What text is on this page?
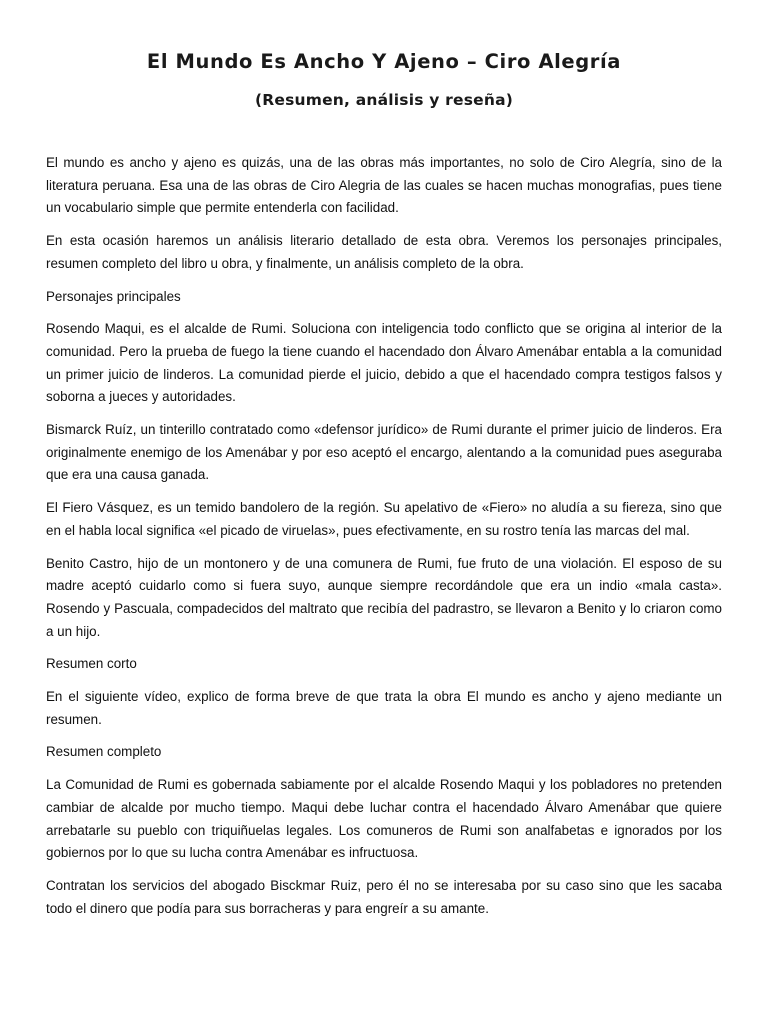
El Mundo Es Ancho Y Ajeno – Ciro Alegría
(Resumen, análisis y reseña)

El mundo es ancho y ajeno es quizás, una de las obras más importantes, no solo de Ciro Alegría, sino de la literatura peruana. Esa una de las obras de Ciro Alegria de las cuales se hacen muchas monografias, pues tiene un vocabulario simple que permite entenderla con facilidad.

En esta ocasión haremos un análisis literario detallado de esta obra. Veremos los personajes principales, resumen completo del libro u obra, y finalmente, un análisis completo de la obra.

Personajes principales

Rosendo Maqui, es el alcalde de Rumi. Soluciona con inteligencia todo conflicto que se origina al interior de la comunidad. Pero la prueba de fuego la tiene cuando el hacendado don Álvaro Amenábar entabla a la comunidad un primer juicio de linderos. La comunidad pierde el juicio, debido a que el hacendado compra testigos falsos y soborna a jueces y autoridades.

Bismarck Ruíz, un tinterillo contratado como «defensor jurídico» de Rumi durante el primer juicio de linderos. Era originalmente enemigo de los Amenábar y por eso aceptó el encargo, alentando a la comunidad pues aseguraba que era una causa ganada.

El Fiero Vásquez, es un temido bandolero de la región. Su apelativo de «Fiero» no aludía a su fiereza, sino que en el habla local significa «el picado de viruelas», pues efectivamente, en su rostro tenía las marcas del mal.

Benito Castro, hijo de un montonero y de una comunera de Rumi, fue fruto de una violación. El esposo de su madre aceptó cuidarlo como si fuera suyo, aunque siempre recordándole que era un indio «mala casta». Rosendo y Pascuala, compadecidos del maltrato que recibía del padrastro, se llevaron a Benito y lo criaron como a un hijo.

Resumen corto

En el siguiente vídeo, explico de forma breve de que trata la obra El mundo es ancho y ajeno mediante un resumen.

Resumen completo

La Comunidad de Rumi es gobernada sabiamente por el alcalde Rosendo Maqui y los pobladores no pretenden cambiar de alcalde por mucho tiempo. Maqui debe luchar contra el hacendado Álvaro Amenábar que quiere arrebatarle su pueblo con triquiñuelas legales. Los comuneros de Rumi son analfabetas e ignorados por los gobiernos por lo que su lucha contra Amenábar es infructuosa.

Contratan los servicios del abogado Bisckmar Ruiz, pero él no se interesaba por su caso sino que les sacaba todo el dinero que podía para sus borracheras y para engreír a su amante.
